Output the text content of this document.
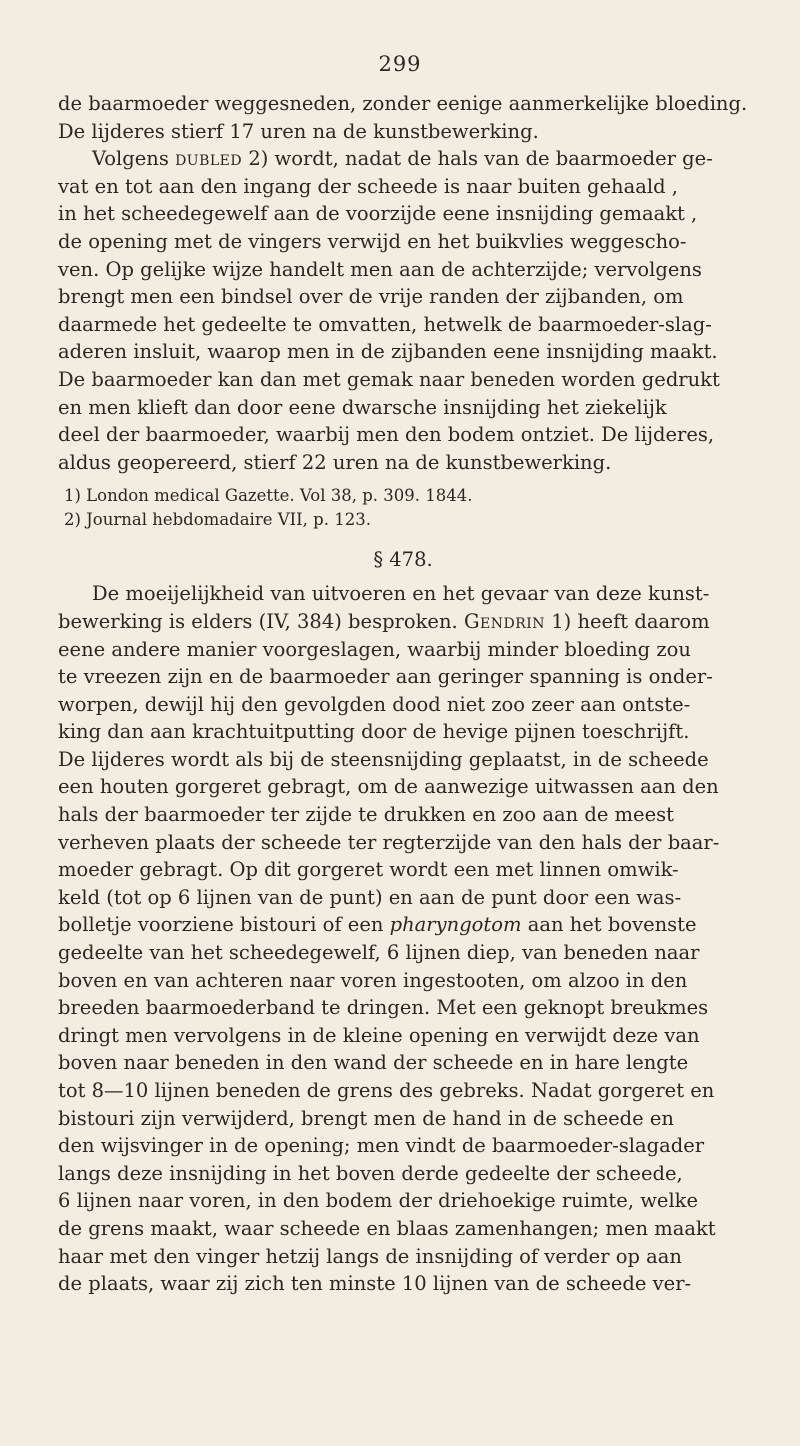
299
de baarmoeder weggesneden, zonder eenige aanmerkelijke bloeding.
De lijderes stierf 17 uren na de kunstbewerking.
Volgens dubled 2) wordt, nadat de hals van de baarmoeder ge-
vat en tot aan den ingang der scheede is naar buiten gehaald ,
in het scheedegewelf aan de voorzijde eene insnijding gemaakt ,
de opening met de vingers verwijd en het buikvlies weggescho-
ven. Op gelijke wijze handelt men aan de achterzijde; vervolgens
brengt men een bindsel over de vrije randen der zijbanden, om
daarmede het gedeelte te omvatten, hetwelk de baarmoeder-slag-
aderen insluit, waarop men in de zijbanden eene insnijding maakt.
De baarmoeder kan dan met gemak naar beneden worden gedrukt
en men klieft dan door eene dwarsche insnijding het ziekelijk
deel der baarmoeder, waarbij men den bodem ontziet. De lijderes,
aldus geopereerd, stierf 22 uren na de kunstbewerking.
1) London medical Gazette. Vol 38, p. 309. 1844.
2) Journal hebdomadaire VII, p. 123.
§ 478.
De moeijelijkheid van uitvoeren en het gevaar van deze kunst-
bewerking is elders (IV, 384) besproken. Gendrin 1) heeft daarom
eene andere manier voorgeslagen, waarbij minder bloeding zou
te vreezen zijn en de baarmoeder aan geringer spanning is onder-
worpen, dewijl hij den gevolgden dood niet zoo zeer aan ontste-
king dan aan krachtuitputting door de hevige pijnen toeschrijft.
De lijderes wordt als bij de steensnijding geplaatst, in de scheede
een houten gorgeret gebragt, om de aanwezige uitwassen aan den
hals der baarmoeder ter zijde te drukken en zoo aan de meest
verheven plaats der scheede ter regterzijde van den hals der baar-
moeder gebragt. Op dit gorgeret wordt een met linnen omwik-
keld (tot op 6 lijnen van de punt) en aan de punt door een was-
bolletje voorziene bistouri of een pharyngotom aan het bovenste
gedeelte van het scheedegewelf, 6 lijnen diep, van beneden naar
boven en van achteren naar voren ingestooten, om alzoo in den
breeden baarmoederband te dringen. Met een geknopt breukmes
dringt men vervolgens in de kleine opening en verwijdt deze van
boven naar beneden in den wand der scheede en in hare lengte
tot 8—10 lijnen beneden de grens des gebreks. Nadat gorgeret en
bistouri zijn verwijderd, brengt men de hand in de scheede en
den wijsvinger in de opening; men vindt de baarmoeder-slagader
langs deze insnijding in het boven derde gedeelte der scheede,
6 lijnen naar voren, in den bodem der driehoekige ruimte, welke
de grens maakt, waar scheede en blaas zamenhangen; men maakt
haar met den vinger hetzij langs de insnijding of verder op aan
de plaats, waar zij zich ten minste 10 lijnen van de scheede ver-
